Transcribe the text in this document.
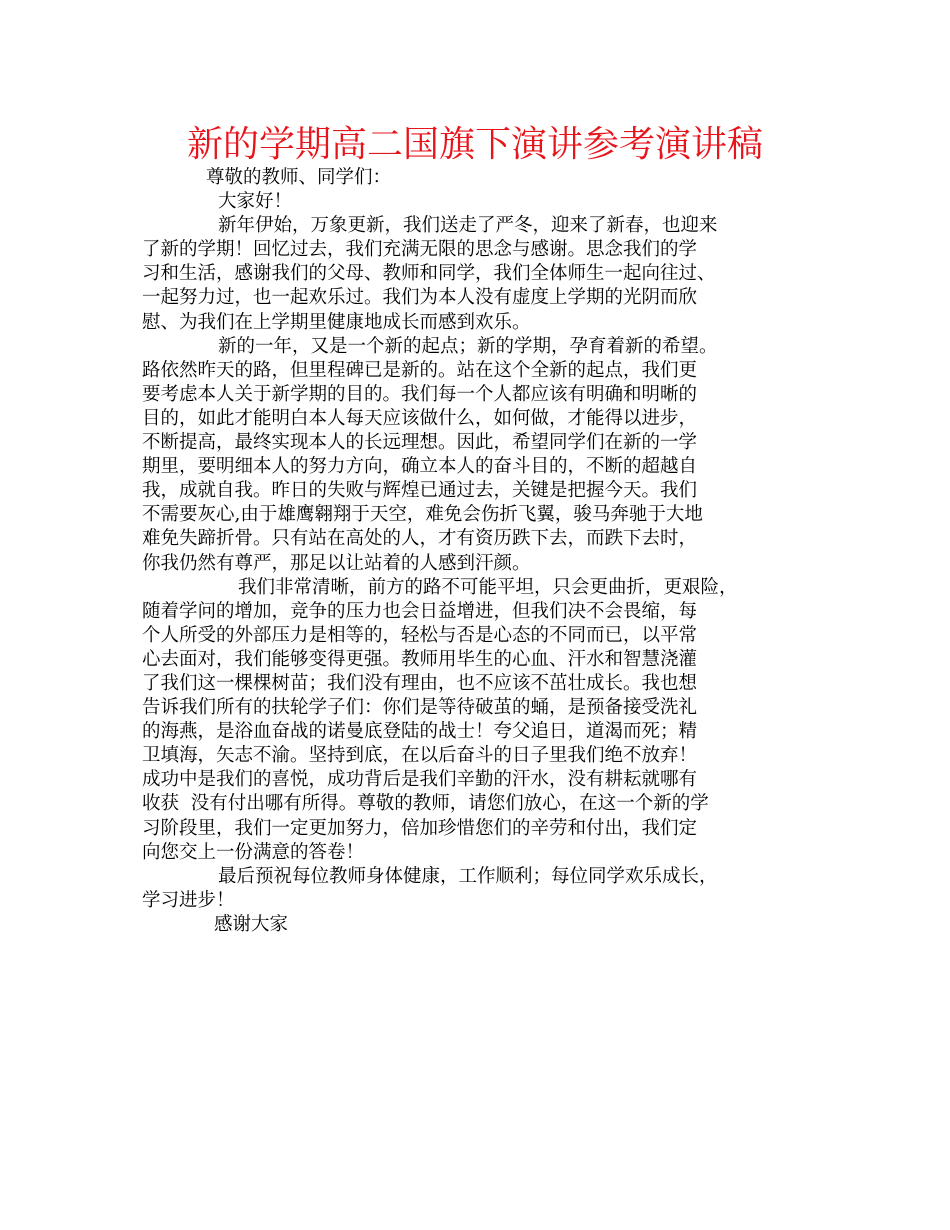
新的学期高二国旗下演讲参考演讲稿
尊敬的教师、同学们：
大家好！
新年伊始，万象更新，我们送走了严冬，迎来了新春，也迎来
了新的学期！回忆过去，我们充满无限的思念与感谢。思念我们的学
习和生活，感谢我们的父母、教师和同学，我们全体师生一起向往过、
一起努力过，也一起欢乐过。我们为本人没有虚度上学期的光阴而欣
慰、为我们在上学期里健康地成长而感到欢乐。
新的一年，又是一个新的起点；新的学期，孕育着新的希望。
路依然昨天的路，但里程碑已是新的。站在这个全新的起点，我们更
要考虑本人关于新学期的目的。我们每一个人都应该有明确和明晰的
目的，如此才能明白本人每天应该做什么，如何做，才能得以进步，
不断提高，最终实现本人的长远理想。因此，希望同学们在新的一学
期里，要明细本人的努力方向，确立本人的奋斗目的，不断的超越自
我，成就自我。昨日的失败与辉煌已通过去，关键是把握今天。我们
不需要灰心,由于雄鹰翱翔于天空，难免会伤折飞翼，骏马奔驰于大地
难免失蹄折骨。只有站在高处的人，才有资历跌下去，而跌下去时，
你我仍然有尊严，那足以让站着的人感到汗颜。
我们非常清晰，前方的路不可能平坦，只会更曲折，更艰险，
随着学问的增加，竞争的压力也会日益增进，但我们决不会畏缩，每
个人所受的外部压力是相等的，轻松与否是心态的不同而已，以平常
心去面对，我们能够变得更强。教师用毕生的心血、汗水和智慧浇灌
了我们这一棵棵树苗；我们没有理由，也不应该不茁壮成长。我也想
告诉我们所有的扶轮学子们：你们是等待破茧的蛹，是预备接受洗礼
的海燕，是浴血奋战的诺曼底登陆的战士！夸父追日，道渴而死；精
卫填海，矢志不渝。坚持到底，在以后奋斗的日子里我们绝不放弃！
成功中是我们的喜悦，成功背后是我们辛勤的汗水，没有耕耘就哪有
收获  没有付出哪有所得。尊敬的教师，请您们放心，在这一个新的学
习阶段里，我们一定更加努力，倍加珍惜您们的辛劳和付出，我们定
向您交上一份满意的答卷！
最后预祝每位教师身体健康，工作顺利；每位同学欢乐成长，
学习进步！
感谢大家
